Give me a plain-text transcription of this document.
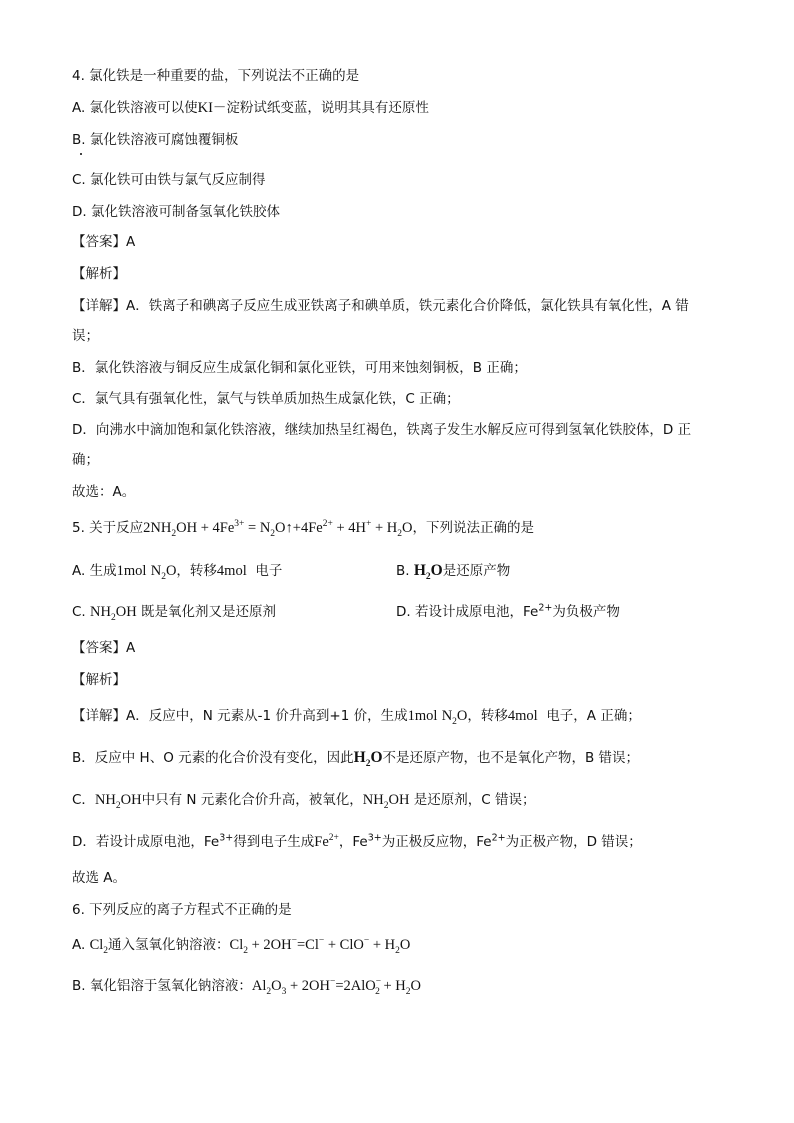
4. 氯化铁是一种重要的盐，下列说法不正确的是
A. 氯化铁溶液可以使KI－淀粉试纸变蓝，说明其具有还原性
B. 氯化铁溶液可腐蚀覆铜板
C. 氯化铁可由铁与氯气反应制得
D. 氯化铁溶液可制备氢氧化铁胶体
【答案】A
【解析】
【详解】A．铁离子和碘离子反应生成亚铁离子和碘单质，铁元素化合价降低，氯化铁具有氧化性，A 错
误；
B．氯化铁溶液与铜反应生成氯化铜和氯化亚铁，可用来蚀刻铜板，B 正确；
C．氯气具有强氧化性，氯气与铁单质加热生成氯化铁，C 正确；
D．向沸水中滴加饱和氯化铁溶液，继续加热呈红褐色，铁离子发生水解反应可得到氢氧化铁胶体，D 正
确；
故选：A。
5. 关于反应$2NH_2OH + 4Fe^{3+}$ = $N_2O↑+4Fe^{2+} + 4H^+ + H_2O$，下列说法正确的是
A. 生成1mol $N_2O$，转移4mol 电子	B. $H_2O$是还原产物
C. $NH_2OH$ 既是氧化剂又是还原剂	D. 若设计成原电池，$Fe^{2+}$为负极产物
【答案】A
【解析】
【详解】A．反应中，N 元素从-1 价升高到+1 价，生成1mol $N_2O$，转移4mol 电子，A 正确；
B．反应中 H、O 元素的化合价没有变化，因此$H_2O$不是还原产物，也不是氧化产物，B 错误；
C．$NH_2OH$中只有 N 元素化合价升高，被氧化，$NH_2OH$ 是还原剂，C 错误；
D．若设计成原电池，$Fe^{3+}$得到电子生成$Fe^{2+}$，$Fe^{3+}$为正极反应物，$Fe^{2+}$为正极产物，D 错误；
故选 A。
6. 下列反应的离子方程式不正确的是
A. $Cl_2$通入氢氧化钠溶液：$Cl_2 + 2OH^-=Cl^- + ClO^- + H_2O$
B. 氧化铝溶于氢氧化钠溶液：$Al_2O_3 + 2OH^-=2AlO^-_2 + H_2O$
